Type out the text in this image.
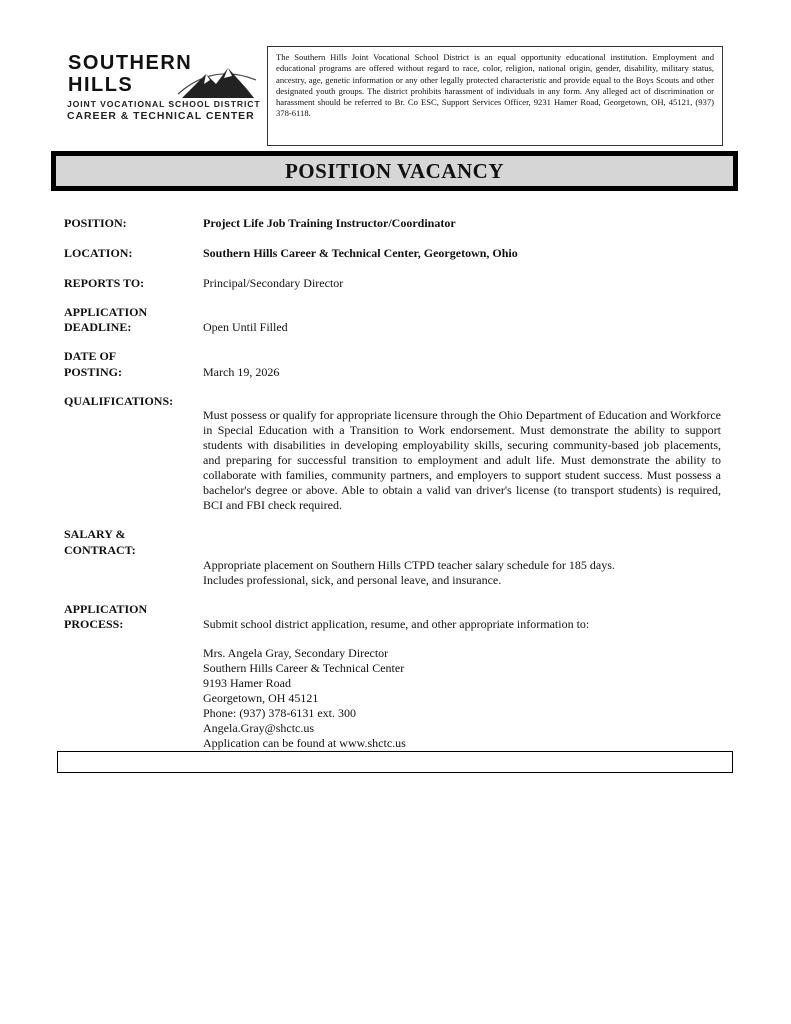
SOUTHERN
HILLS
JOINT VOCATIONAL SCHOOL DISTRICT
CAREER & TECHNICAL CENTER
The Southern Hills Joint Vocational School District is an equal opportunity educational institution. Employment and educational programs are offered without regard to race, color, religion, national origin, gender, disability, military status, ancestry, age, genetic information or any other legally protected characteristic and provide equal to the Boys Scouts and other designated youth groups. The district prohibits harassment of individuals in any form. Any alleged act of discrimination or harassment should be referred to Br. Co ESC, Support Services Officer, 9231 Hamer Road, Georgetown, OH, 45121, (937) 378-6118.
POSITION VACANCY
POSITION:	Project Life Job Training Instructor/Coordinator
LOCATION:	Southern Hills Career & Technical Center, Georgetown, Ohio
REPORTS TO:	Principal/Secondary Director
APPLICATION
DEADLINE:	Open Until Filled
DATE OF
POSTING:	March 19, 2026
QUALIFICATIONS:
Must possess or qualify for appropriate licensure through the Ohio Department of Education and Workforce in Special Education with a Transition to Work endorsement. Must demonstrate the ability to support students with disabilities in developing employability skills, securing community-based job placements, and preparing for successful transition to employment and adult life. Must demonstrate the ability to collaborate with families, community partners, and employers to support student success. Must possess a bachelor's degree or above. Able to obtain a valid van driver's license (to transport students) is required, BCI and FBI check required.
SALARY &
CONTRACT:
Appropriate placement on Southern Hills CTPD teacher salary schedule for 185 days.
Includes professional, sick, and personal leave, and insurance.
APPLICATION
PROCESS:	Submit school district application, resume, and other appropriate information to:
Mrs. Angela Gray, Secondary Director
Southern Hills Career & Technical Center
9193 Hamer Road
Georgetown, OH 45121
Phone: (937) 378-6131 ext. 300
Angela.Gray@shctc.us
Application can be found at www.shctc.us
